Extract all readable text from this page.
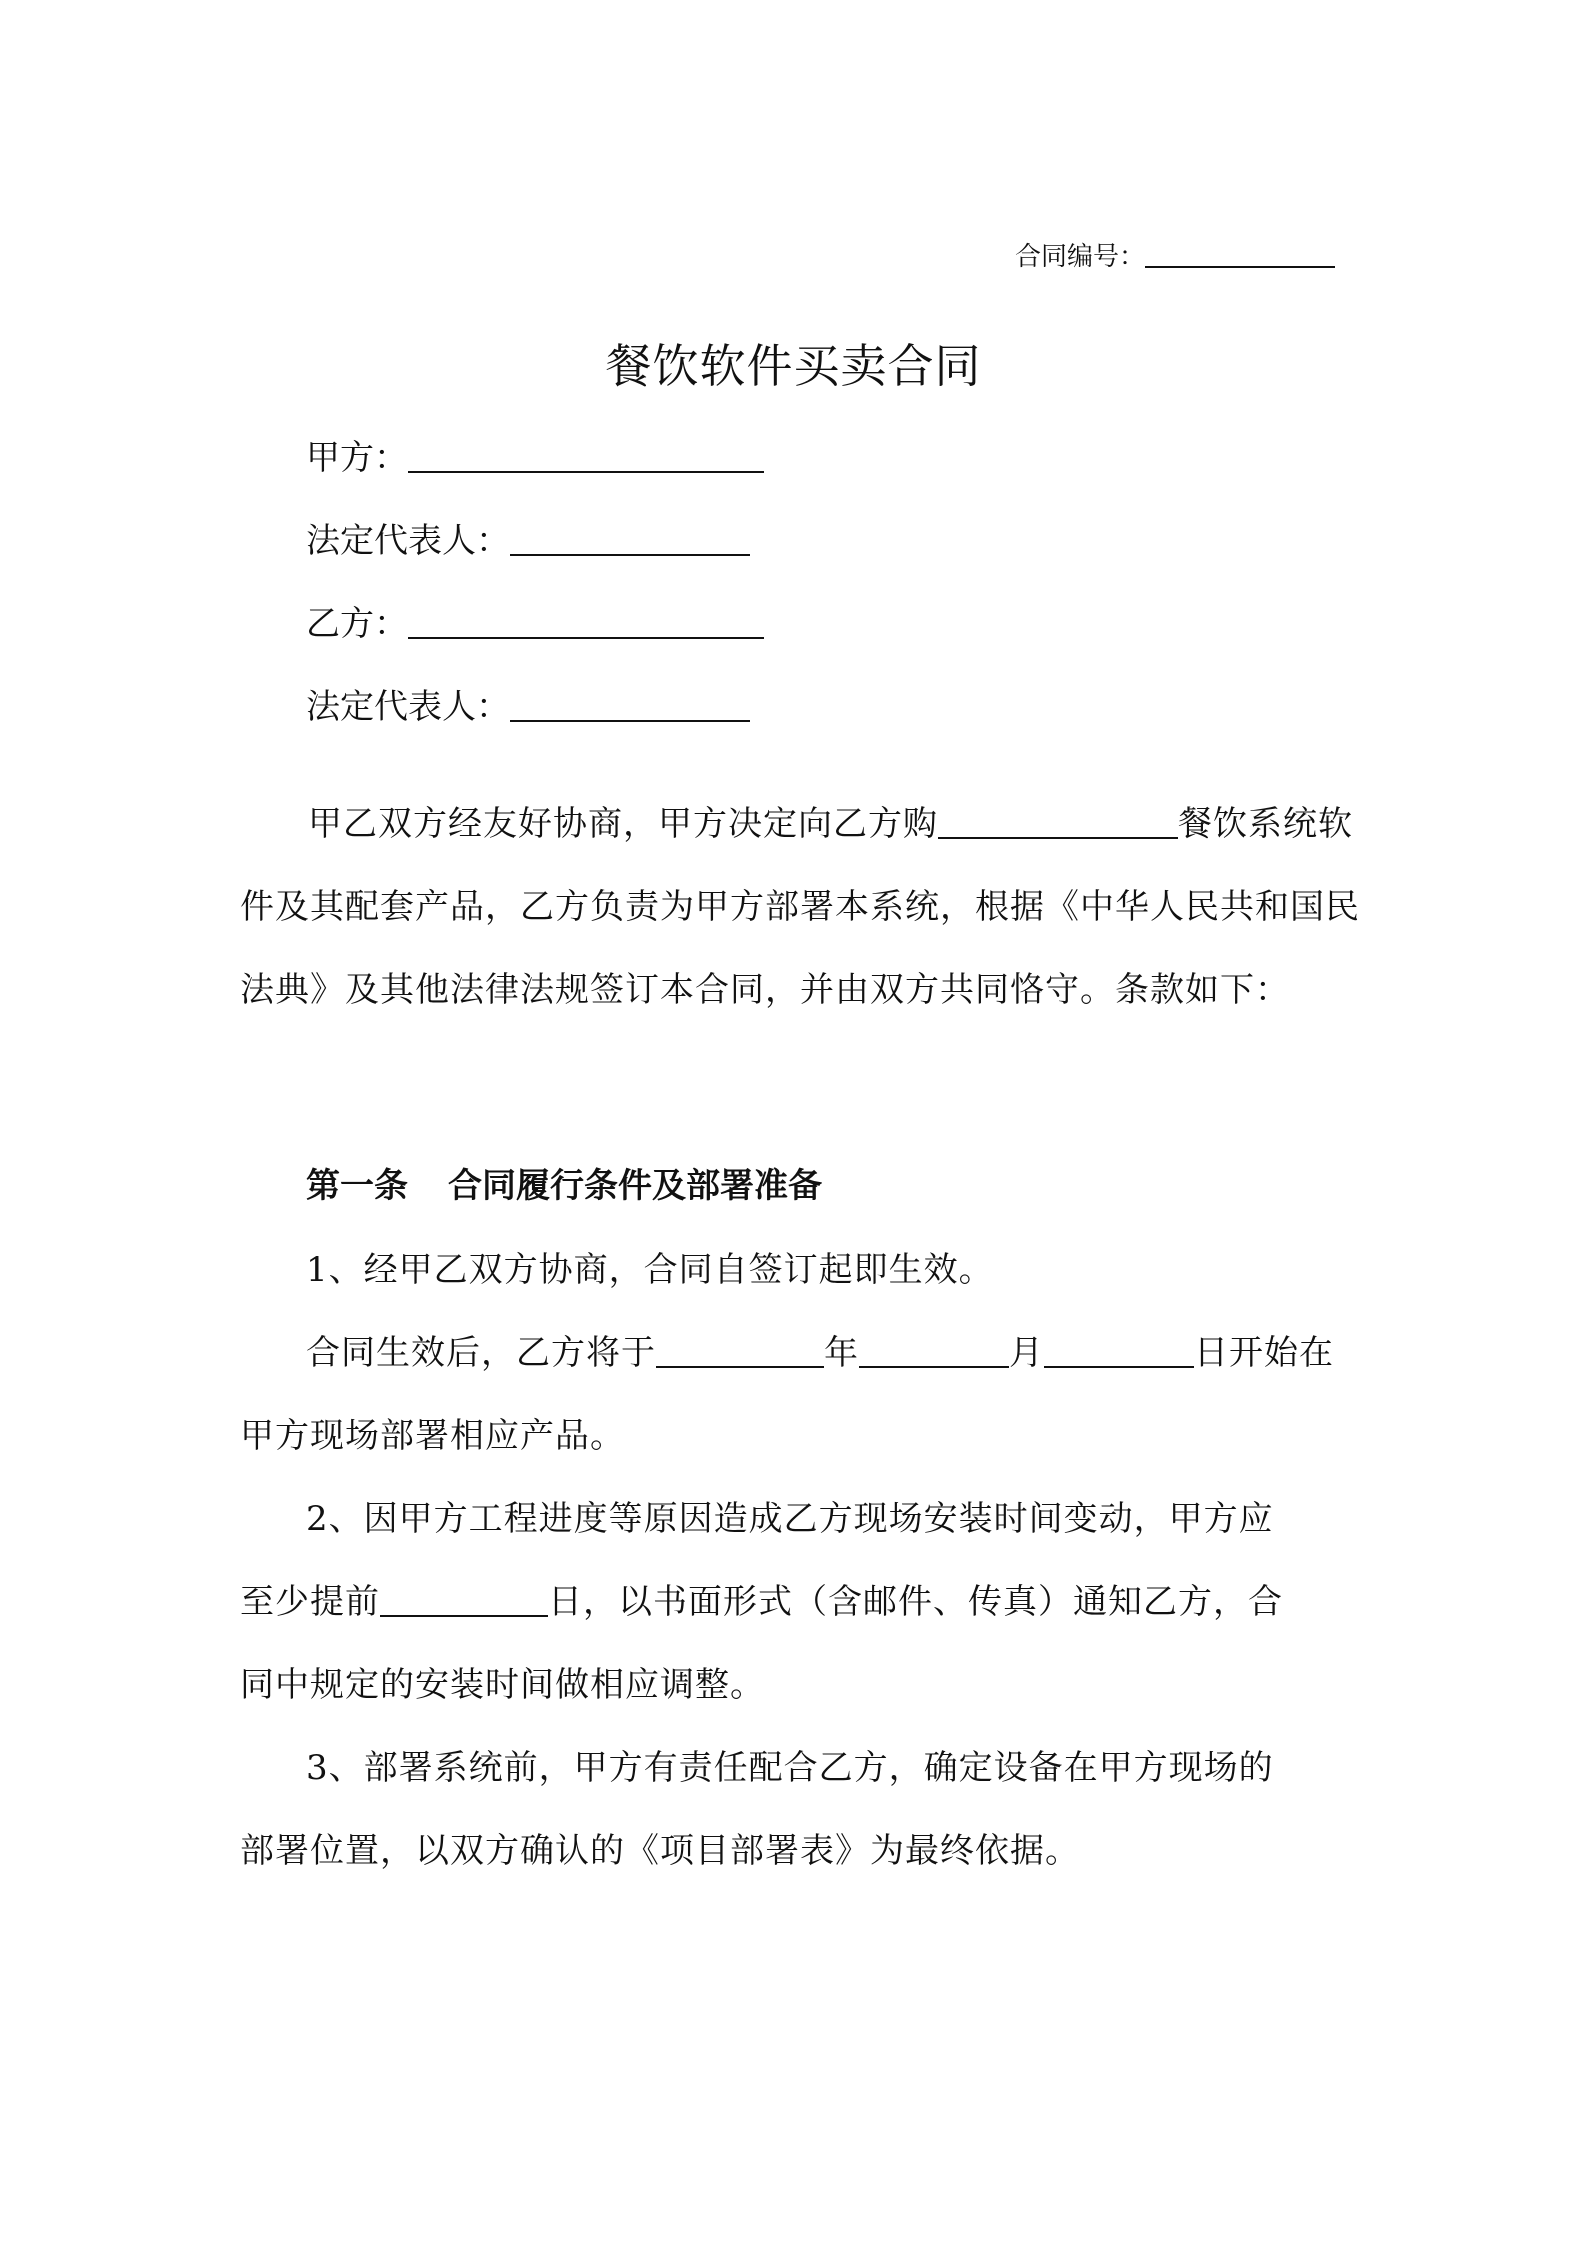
合同编号：
餐饮软件买卖合同
甲方：
法定代表人：
乙方：
法定代表人：
甲乙双方经友好协商，甲方决定向乙方购	餐饮系统软件及其配套产品，乙方负责为甲方部署本系统，根据《中华人民共和国民法典》及其他法律法规签订本合同，并由双方共同恪守。条款如下：
第一条 合同履行条件及部署准备
1、经甲乙双方协商，合同自签订起即生效。
合同生效后，乙方将于	年	月	日开始在
甲方现场部署相应产品。
2、因甲方工程进度等原因造成乙方现场安装时间变动，甲方应
至少提前	日，以书面形式（含邮件、传真）通知乙方，合
同中规定的安装时间做相应调整。
3、部署系统前，甲方有责任配合乙方，确定设备在甲方现场的
部署位置，以双方确认的《项目部署表》为最终依据。
